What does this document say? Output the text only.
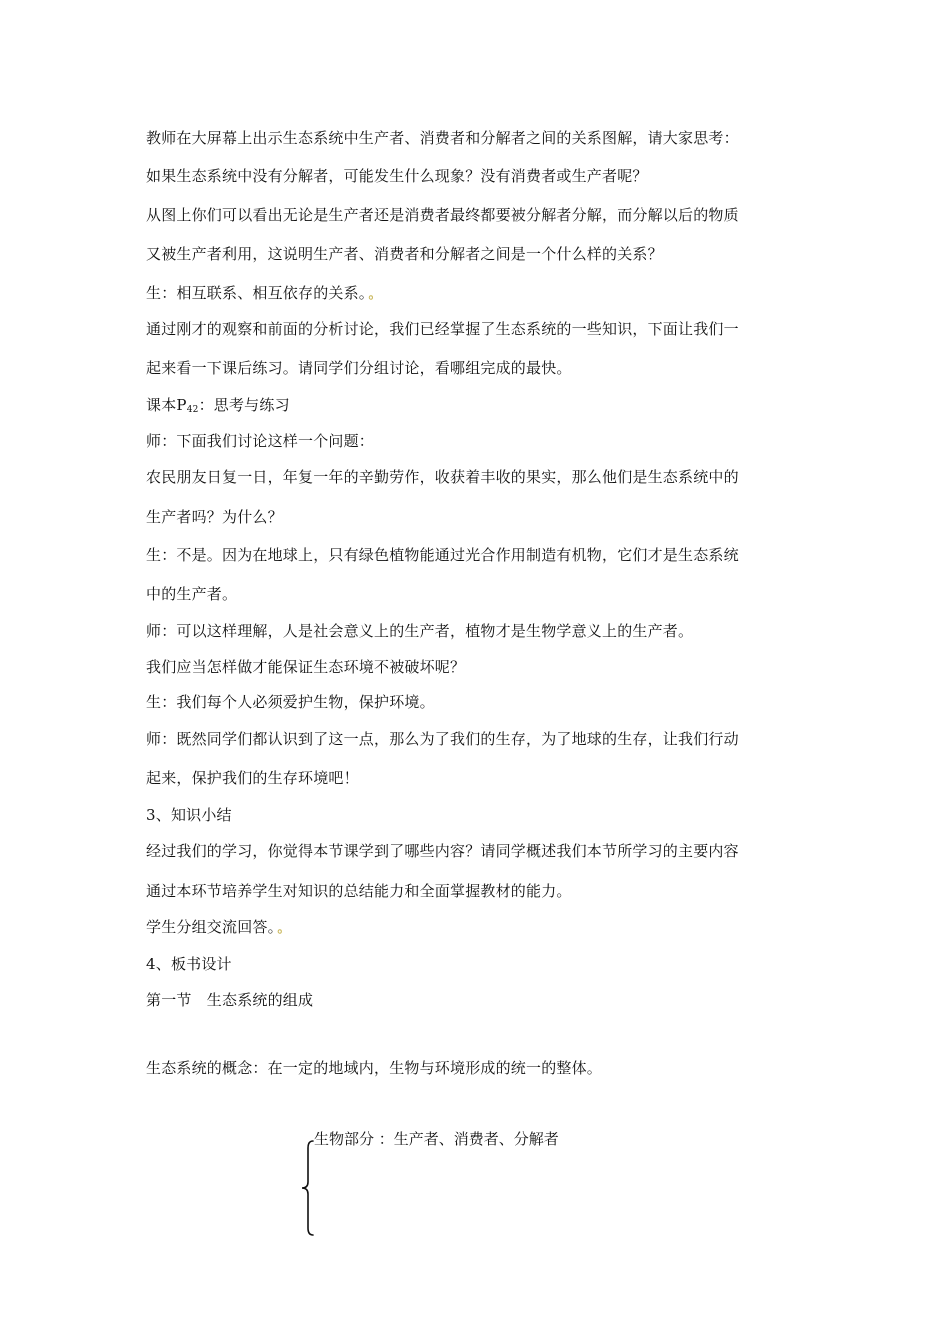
教师在大屏幕上出示生态系统中生产者、消费者和分解者之间的关系图解，请大家思考：
如果生态系统中没有分解者，可能发生什么现象？没有消费者或生产者呢？
从图上你们可以看出无论是生产者还是消费者最终都要被分解者分解，而分解以后的物质
又被生产者利用，这说明生产者、消费者和分解者之间是一个什么样的关系？
生：相互联系、相互依存的关系。 。
通过刚才的观察和前面的分析讨论，我们已经掌握了生态系统的一些知识，下面让我们一
起来看一下课后练习。请同学们分组讨论，看哪组完成的最快。
课本$P_{42}$：思考与练习
师：下面我们讨论这样一个问题：
农民朋友日复一日，年复一年的辛勤劳作，收获着丰收的果实，那么他们是生态系统中的
生产者吗？为什么？
生：不是。因为在地球上，只有绿色植物能通过光合作用制造有机物，它们才是生态系统
中的生产者。
师：可以这样理解，人是社会意义上的生产者，植物才是生物学意义上的生产者。
我们应当怎样做才能保证生态环境不被破坏呢？
生：我们每个人必须爱护生物，保护环境。
师：既然同学们都认识到了这一点，那么为了我们的生存，为了地球的生存，让我们行动
起来，保护我们的生存环境吧！
3、知识小结
经过我们的学习，你觉得本节课学到了哪些内容？请同学概述我们本节所学习的主要内容
通过本环节培养学生对知识的总结能力和全面掌握教材的能力。
学生分组交流回答。 。
4、板书设计
第一节　生态系统的组成
生态系统的概念：在一定的地域内，生物与环境形成的统一的整体。
生物部分 ：生产者、消费者、分解者
